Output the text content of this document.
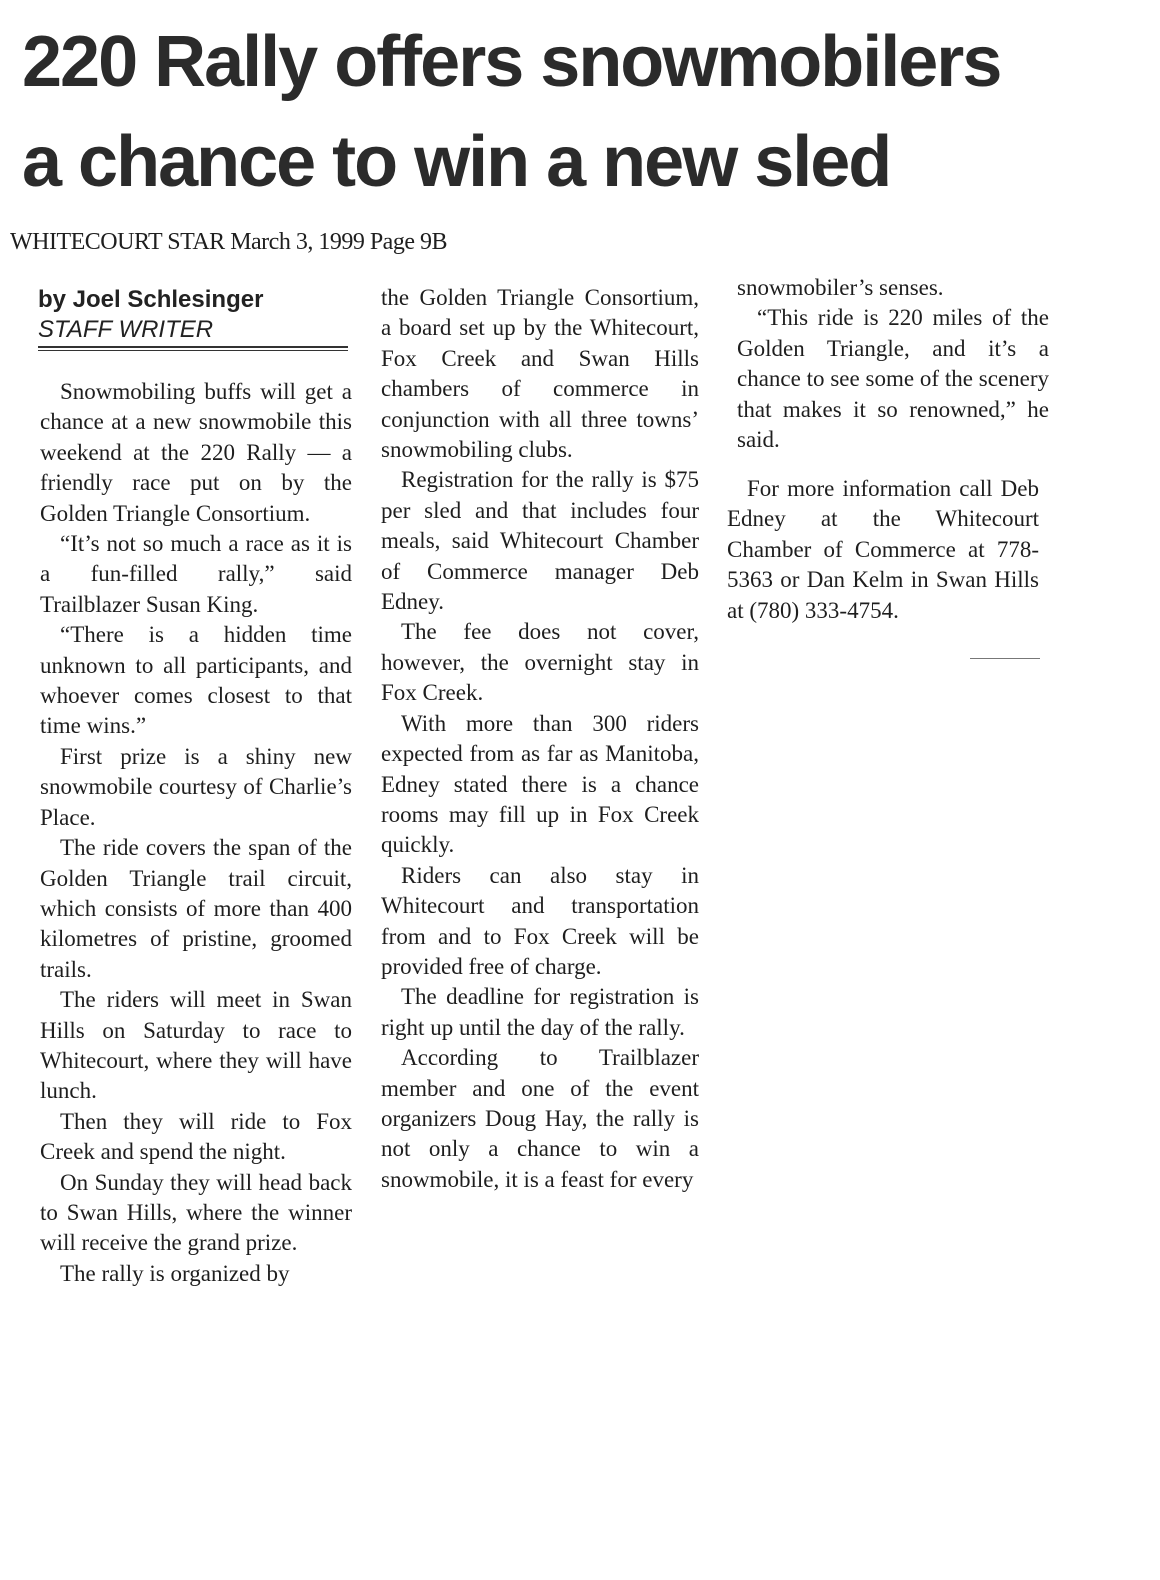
220 Rally offers snowmobilers
a chance to win a new sled
WHITECOURT STAR March 3, 1999 Page 9B
by Joel Schlesinger
STAFF WRITER

Snowmobiling buffs will get a chance at a new snowmobile this weekend at the 220 Rally — a friendly race put on by the Golden Triangle Consortium.

“It’s not so much a race as it is a fun-filled rally,” said Trailblazer Susan King.

“There is a hidden time unknown to all participants, and whoever comes closest to that time wins.”

First prize is a shiny new snowmobile courtesy of Charlie’s Place.

The ride covers the span of the Golden Triangle trail circuit, which consists of more than 400 kilometres of pristine, groomed trails.

The riders will meet in Swan Hills on Saturday to race to Whitecourt, where they will have lunch.

Then they will ride to Fox Creek and spend the night.

On Sunday they will head back to Swan Hills, where the winner will receive the grand prize.

The rally is organized by

the Golden Triangle Consortium, a board set up by the Whitecourt, Fox Creek and Swan Hills chambers of commerce in conjunction with all three towns’ snowmobiling clubs.

Registration for the rally is $75 per sled and that includes four meals, said Whitecourt Chamber of Commerce manager Deb Edney.

The fee does not cover, however, the overnight stay in Fox Creek.

With more than 300 riders expected from as far as Manitoba, Edney stated there is a chance rooms may fill up in Fox Creek quickly.

Riders can also stay in Whitecourt and transportation from and to Fox Creek will be provided free of charge.

The deadline for registration is right up until the day of the rally.

According to Trailblazer member and one of the event organizers Doug Hay, the rally is not only a chance to win a snowmobile, it is a feast for every

snowmobiler’s senses.

“This ride is 220 miles of the Golden Triangle, and it’s a chance to see some of the scenery that makes it so renowned,” he said.

For more information call Deb Edney at the Whitecourt Chamber of Commerce at 778-5363 or Dan Kelm in Swan Hills at (780) 333-4754.
